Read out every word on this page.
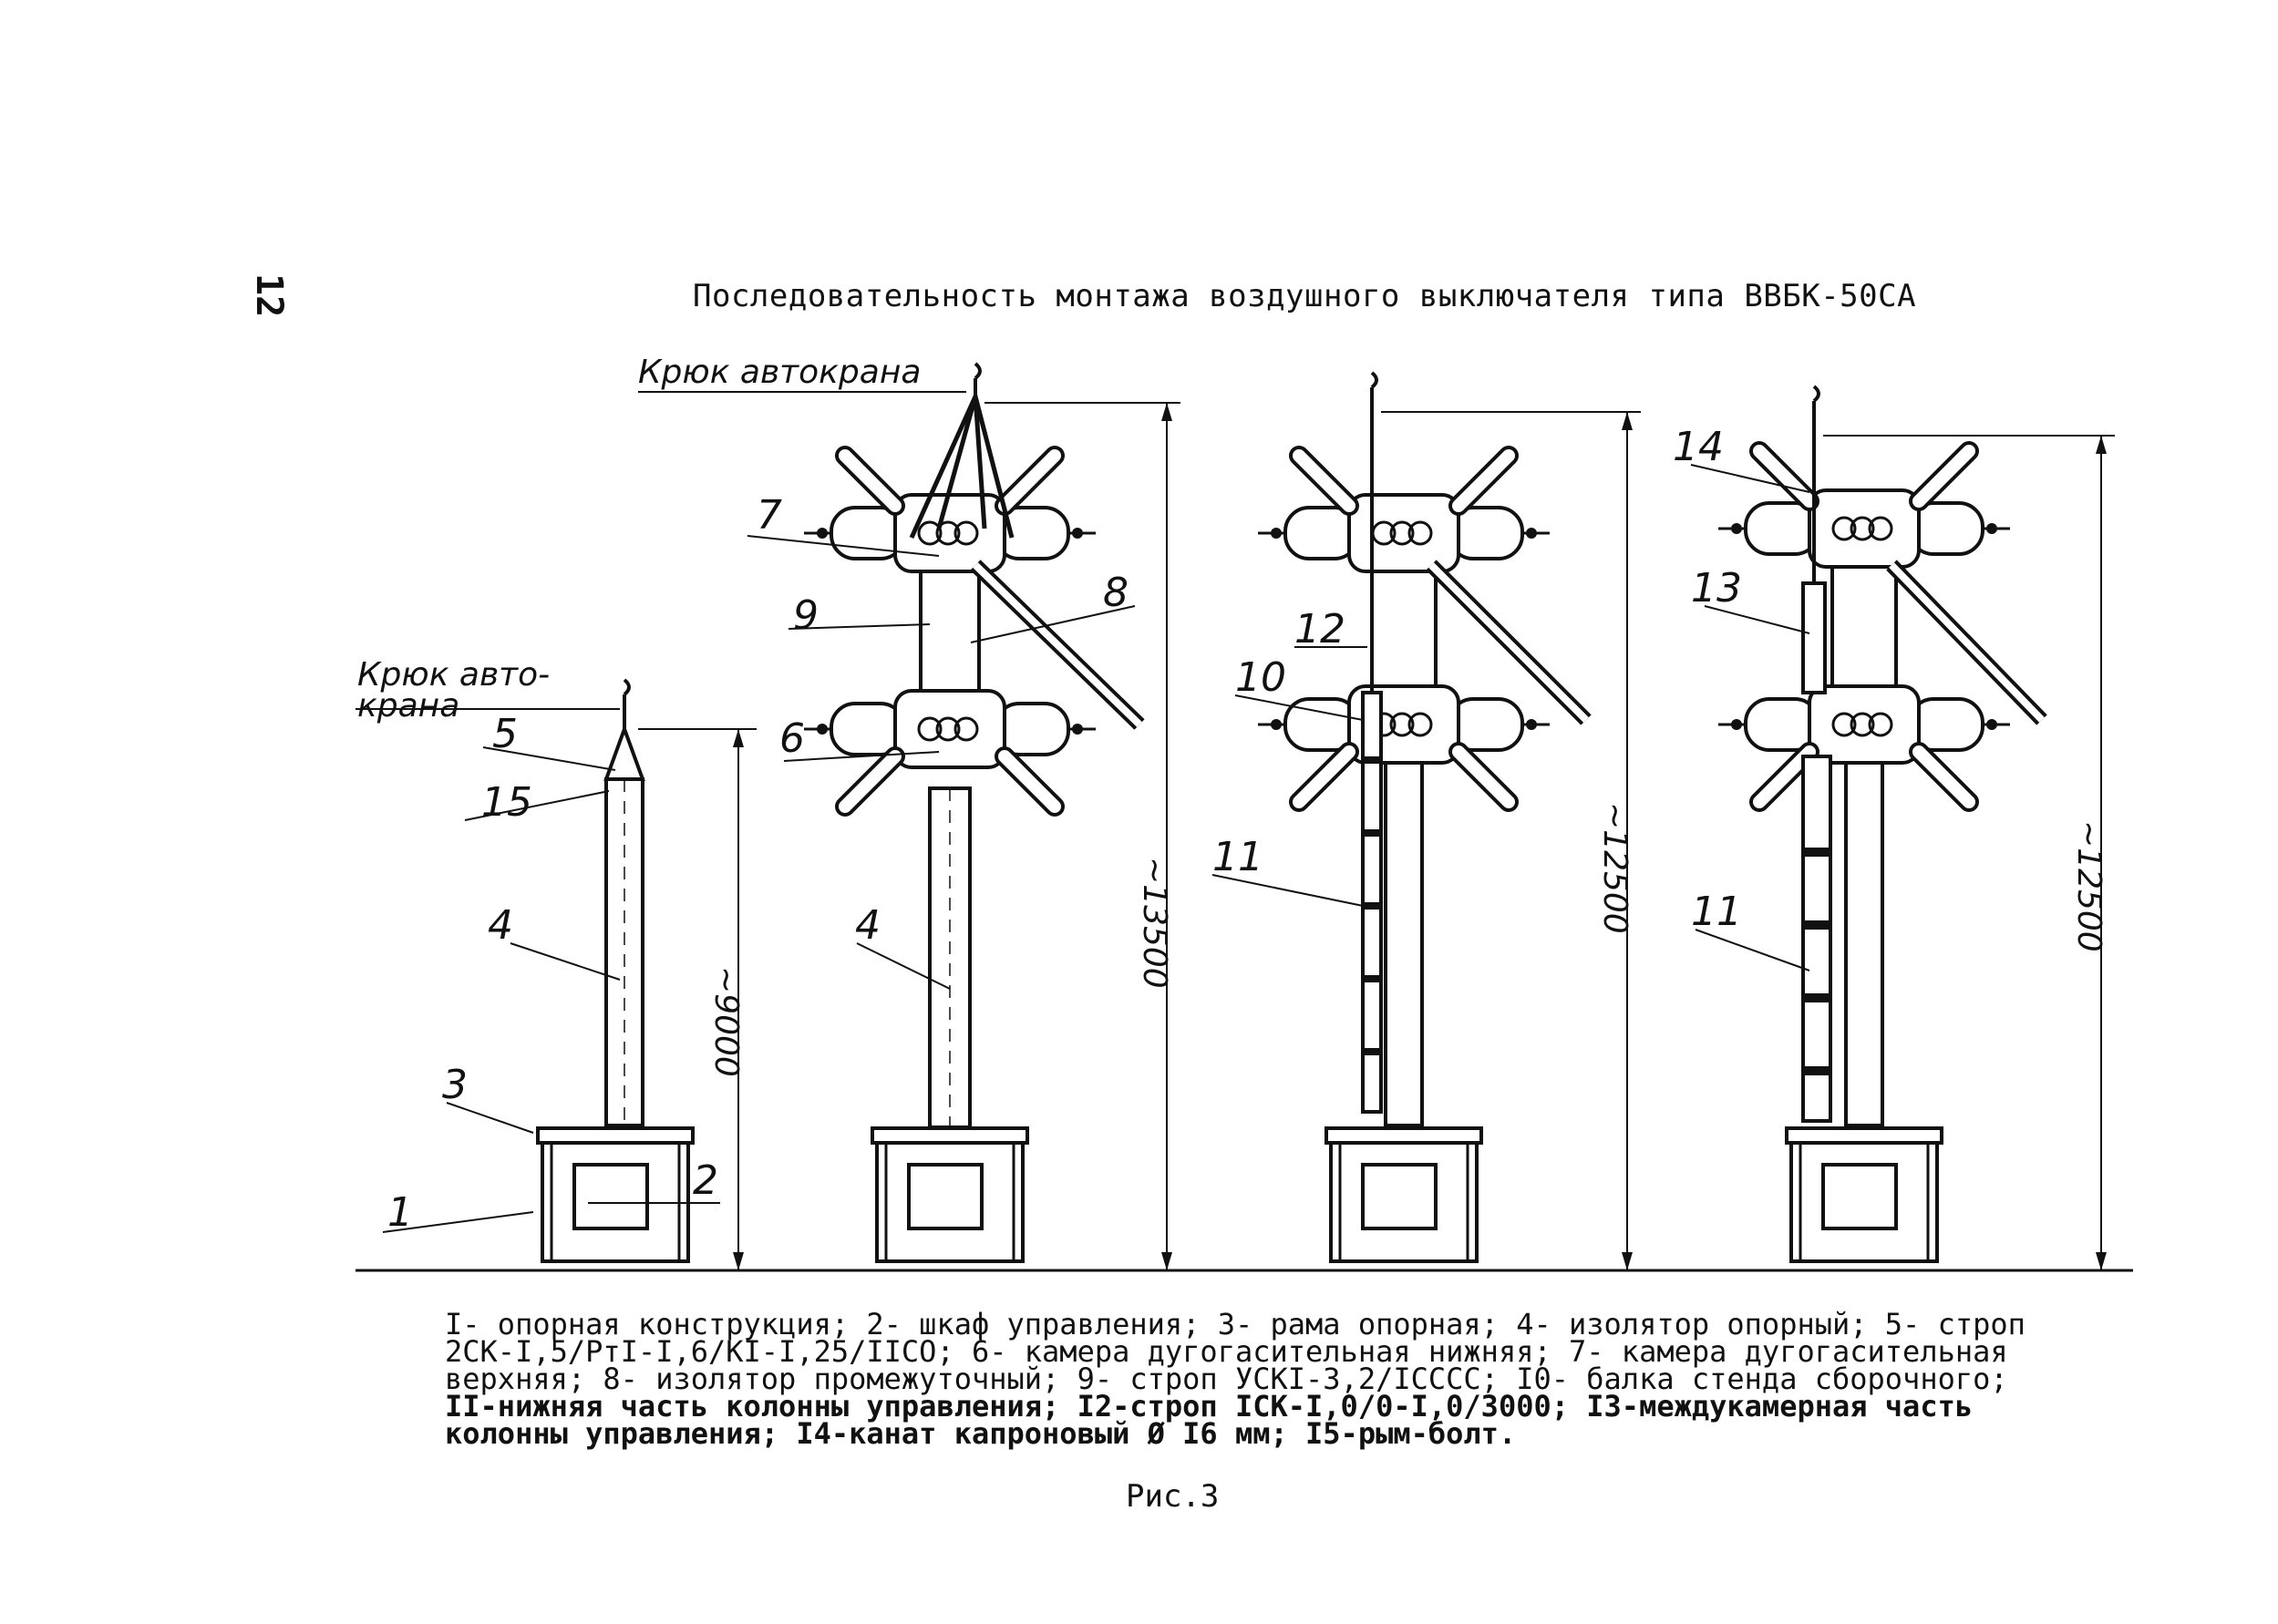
12	Последовательность монтажа воздушного выключателя типа ВВБК-50СА
Крюк авто-
крана
5
15
4
3
1
2
~9000
Крюк автокрана
7
9	8
6
4	~13500
12
10
11	~12500
14
13
11	~12500
I- опорная конструкция; 2- шкаф управления; 3- рама опорная; 4- изолятор опорный; 5- строп
2СК-I,5/РтI-I,6/КI-I,25/IIСО; 6- камера дугогасительная нижняя; 7- камера дугогасительная
верхняя; 8- изолятор промежуточный; 9- строп УСКI-3,2/IСССС; I0- балка стенда сборочного;
II-нижняя часть колонны управления; I2-строп IСК-I,0/0-I,0/3000; I3-междукамерная часть
колонны управления; I4-канат капроновый Ø I6 мм; I5-рым-болт.
Рис.3
